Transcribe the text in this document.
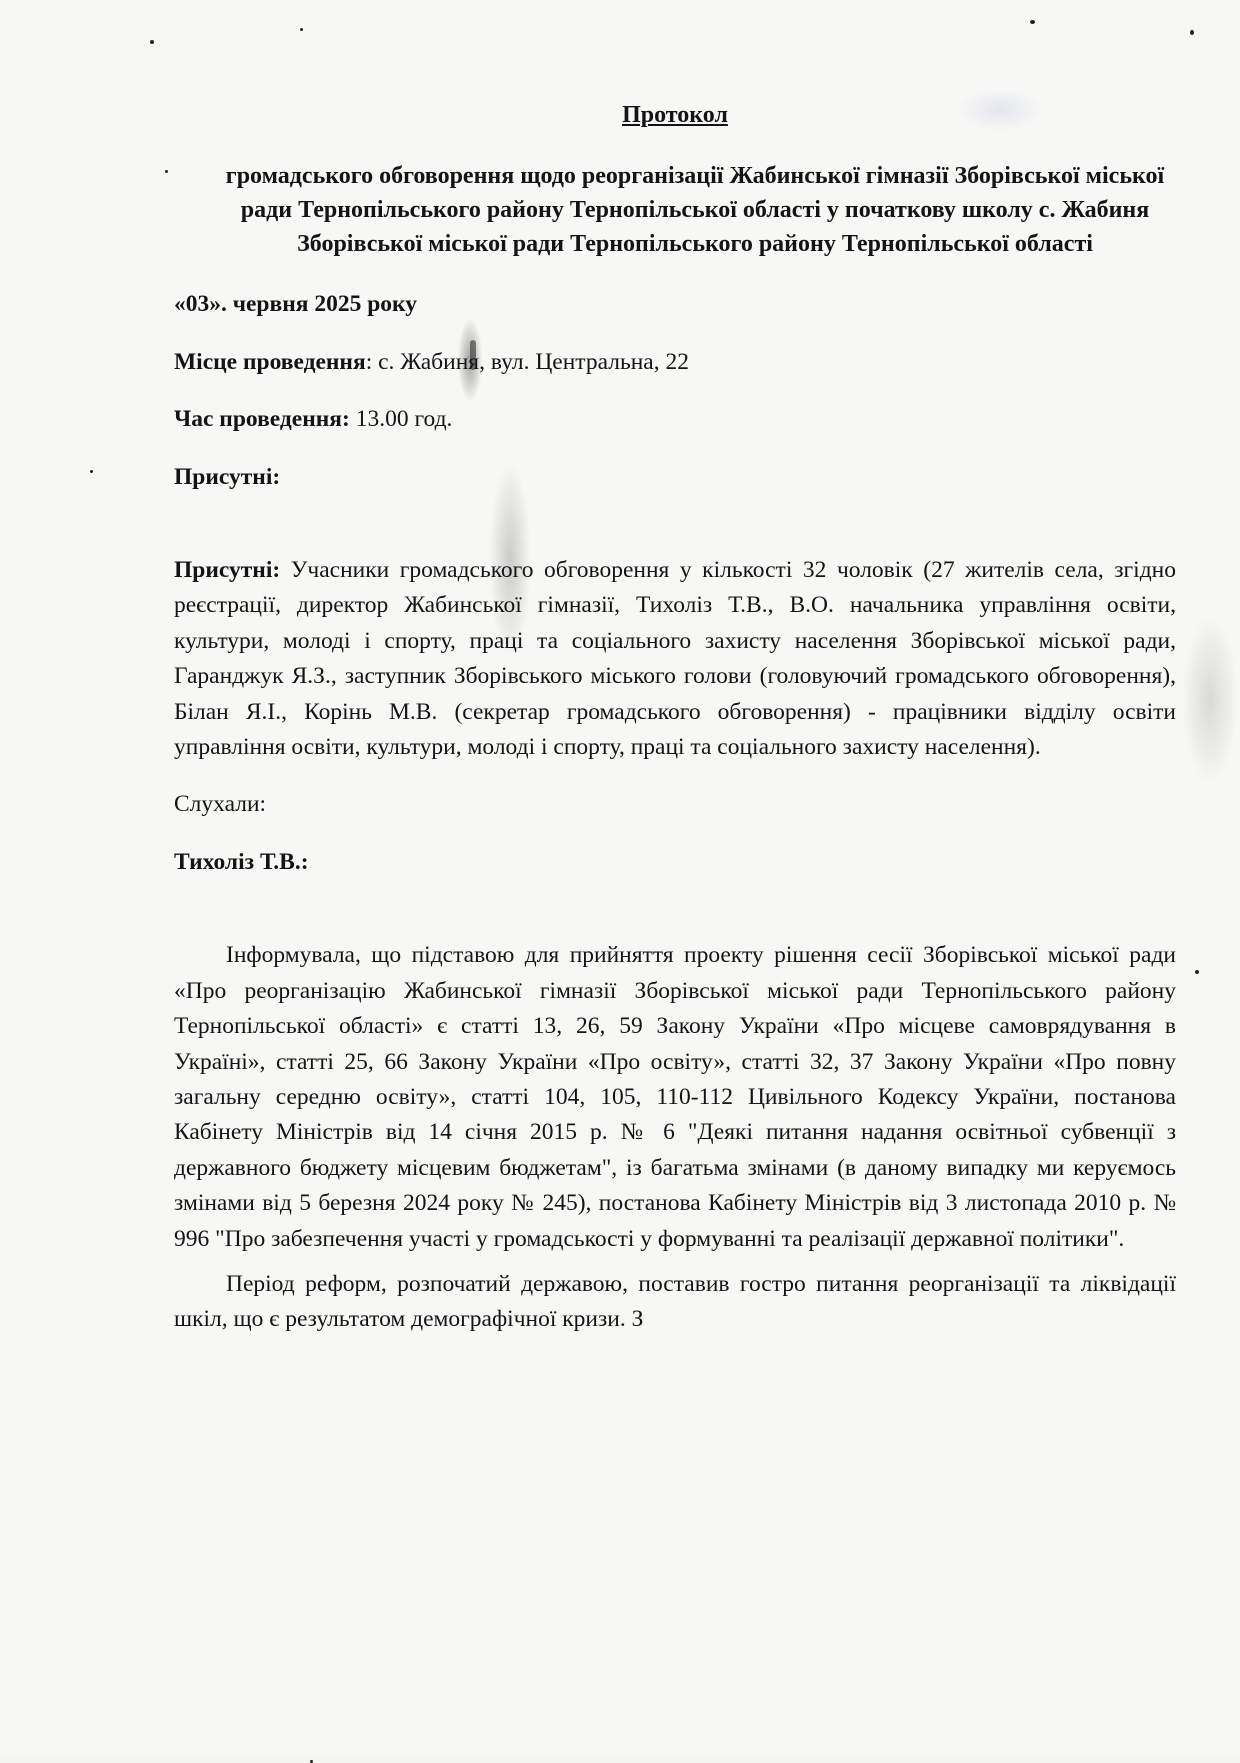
Протокол
громадського обговорення щодо реорганізації Жабинської гімназії Зборівської міської ради Тернопільського району Тернопільської області у початкову школу с. Жабиня Зборівської міської ради Тернопільського району Тернопільської області
«03». червня 2025 року
Місце проведення: с. Жабиня, вул. Центральна, 22
Час проведення: 13.00 год.
Присутні:
Присутні: Учасники громадського обговорення у кількості 32 чоловік (27 жителів села, згідно реєстрації, директор Жабинської гімназії, Тихоліз Т.В., В.О. начальника управління освіти, культури, молоді і спорту, праці та соціального захисту населення Зборівської міської ради, Гаранджук Я.З., заступник Зборівського міського голови (головуючий громадського обговорення), Білан Я.І., Корінь М.В. (секретар громадського обговорення) - працівники відділу освіти управління освіти, культури, молоді і спорту, праці та соціального захисту населення).
Слухали:
Тихоліз Т.В.:
Інформувала, що підставою для прийняття проекту рішення сесії Зборівської міської ради «Про реорганізацію Жабинської гімназії Зборівської міської ради Тернопільського району Тернопільської області» є статті 13, 26, 59 Закону України «Про місцеве самоврядування в Україні», статті 25, 66 Закону України «Про освіту», статті 32, 37 Закону України «Про повну загальну середню освіту», статті 104, 105, 110-112 Цивільного Кодексу України, постанова Кабінету Міністрів від 14 січня 2015 р. № 6 "Деякі питання надання освітньої субвенції з державного бюджету місцевим бюджетам", із багатьма змінами (в даному випадку ми керуємось змінами від 5 березня 2024 року № 245), постанова Кабінету Міністрів від 3 листопада 2010 р. № 996 "Про забезпечення участі у громадськості у формуванні та реалізації державної політики".
Період реформ, розпочатий державою, поставив гостро питання реорганізації та ліквідації шкіл, що є результатом демографічної кризи. З
